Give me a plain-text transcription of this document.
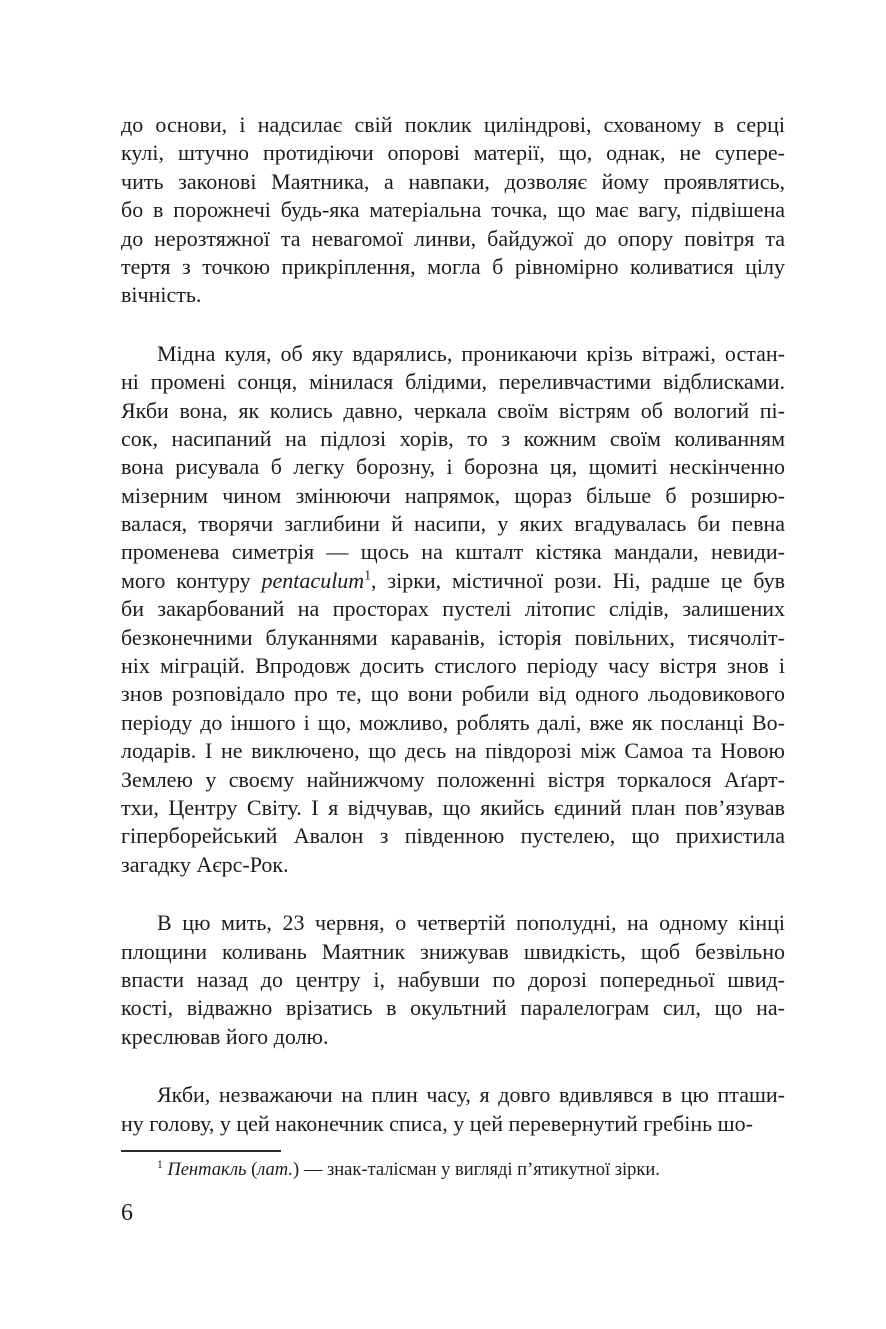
до основи, і надсилає свій поклик циліндрові, схованому в серці
кулі, штучно протидіючи опорові матерії, що, однак, не супере-
чить законові Маятника, а навпаки, дозволяє йому проявлятись,
бо в порожнечі будь-яка матеріальна точка, що має вагу, підвішена
до нерозтяжної та невагомої линви, байдужої до опору повітря та
тертя з точкою прикріплення, могла б рівномірно коливатися цілу
вічність.
Мідна куля, об яку вдарялись, проникаючи крізь вітражі, остан-
ні промені сонця, мінилася блідими, переливчастими відблисками.
Якби вона, як колись давно, черкала своїм вістрям об вологий пі-
сок, насипаний на підлозі хорів, то з кожним своїм коливанням
вона рисувала б легку борозну, і борозна ця, щомиті нескінченно
мізерним чином змінюючи напрямок, щораз більше б розширю-
валася, творячи заглибини й насипи, у яких вгадувалась би певна
променева симетрія — щось на кшталт кістяка мандали, невиди-
мого контуру pentaculum$^1$, зірки, містичної рози. Ні, радше це був
би закарбований на просторах пустелі літопис слідів, залишених
безконечними блуканнями караванів, історія повільних, тисячоліт-
ніх міграцій. Впродовж досить стислого періоду часу вістря знов і
знов розповідало про те, що вони робили від одного льодовикового
періоду до іншого і що, можливо, роблять далі, вже як посланці Во-
лодарів. І не виключено, що десь на півдорозі між Самоа та Новою
Землею у своєму найнижчому положенні вістря торкалося Аґарт-
тхи, Центру Світу. І я відчував, що якийсь єдиний план пов’язував
гіперборейський Авалон з південною пустелею, що прихистила
загадку Аєрс-Рок.
В цю мить, 23 червня, о четвертій пополудні, на одному кінці
площини коливань Маятник знижував швидкість, щоб безвільно
впасти назад до центру і, набувши по дорозі попередньої швид-
кості, відважно врізатись в окультний паралелограм сил, що на-
креслював його долю.
Якби, незважаючи на плин часу, я довго вдивлявся в цю пташи-
ну голову, у цей наконечник списа, у цей перевернутий гребінь шо-
$^1$ Пентакль (лат.) — знак-талісман у вигляді п’ятикутної зірки.
6
